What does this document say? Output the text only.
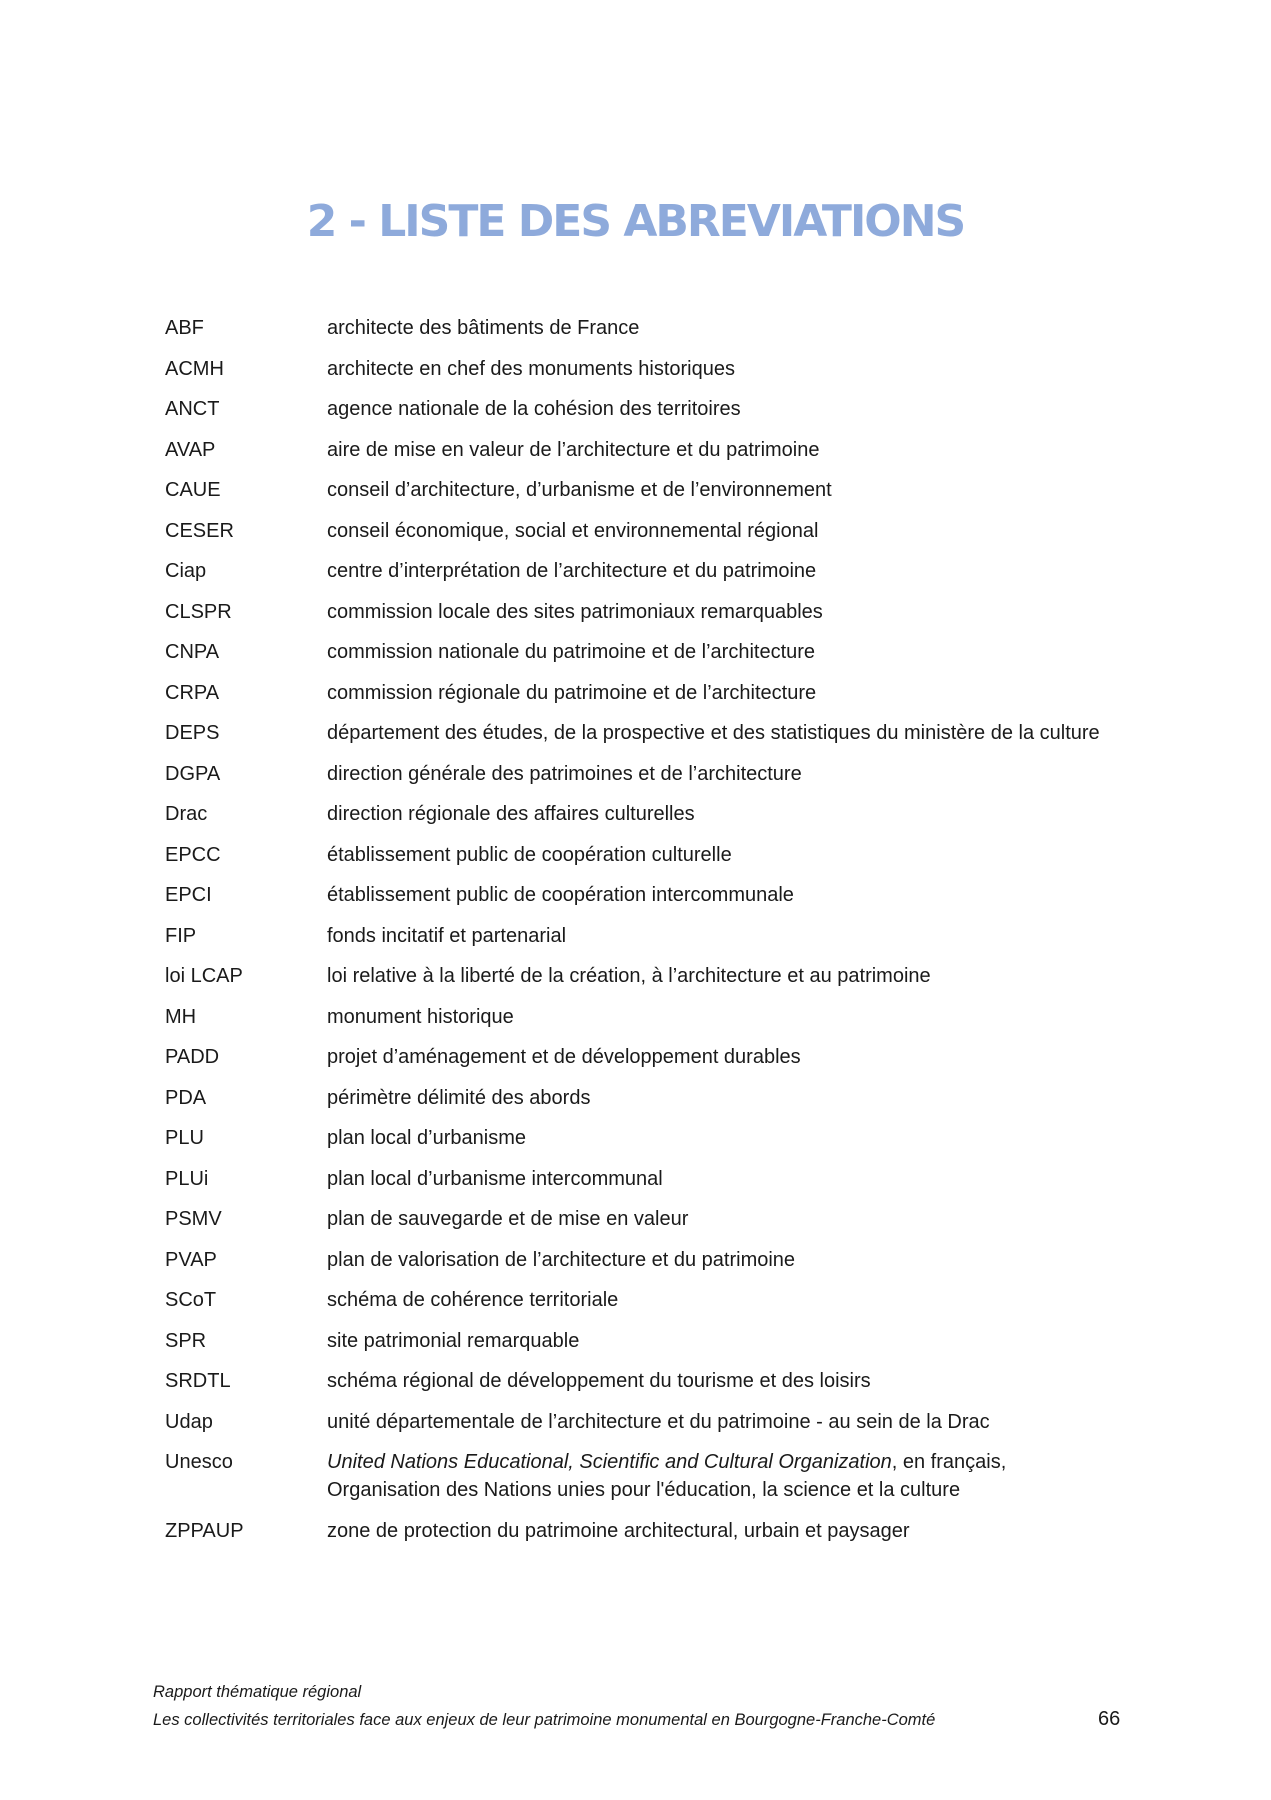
2 - LISTE DES ABREVIATIONS
ABF	architecte des bâtiments de France
ACMH	architecte en chef des monuments historiques
ANCT	agence nationale de la cohésion des territoires
AVAP	aire de mise en valeur de l’architecture et du patrimoine
CAUE	conseil d’architecture, d’urbanisme et de l’environnement
CESER	conseil économique, social et environnemental régional
Ciap	centre d’interprétation de l’architecture et du patrimoine
CLSPR	commission locale des sites patrimoniaux remarquables
CNPA	commission nationale du patrimoine et de l’architecture
CRPA	commission régionale du patrimoine et de l’architecture
DEPS	département des études, de la prospective et des statistiques du ministère de la culture
DGPA	direction générale des patrimoines et de l’architecture
Drac	direction régionale des affaires culturelles
EPCC	établissement public de coopération culturelle
EPCI	établissement public de coopération intercommunale
FIP	fonds incitatif et partenarial
loi LCAP	loi relative à la liberté de la création, à l’architecture et au patrimoine
MH	monument historique
PADD	projet d’aménagement et de développement durables
PDA	périmètre délimité des abords
PLU	plan local d’urbanisme
PLUi	plan local d’urbanisme intercommunal
PSMV	plan de sauvegarde et de mise en valeur
PVAP	plan de valorisation de l’architecture et du patrimoine
SCoT	schéma de cohérence territoriale
SPR	site patrimonial remarquable
SRDTL	schéma régional de développement du tourisme et des loisirs
Udap	unité départementale de l’architecture et du patrimoine - au sein de la Drac
Unesco	United Nations Educational, Scientific and Cultural Organization, en français, Organisation des Nations unies pour l'éducation, la science et la culture
ZPPAUP	zone de protection du patrimoine architectural, urbain et paysager
Rapport thématique régional
Les collectivités territoriales face aux enjeux de leur patrimoine monumental en Bourgogne-Franche-Comté	66
